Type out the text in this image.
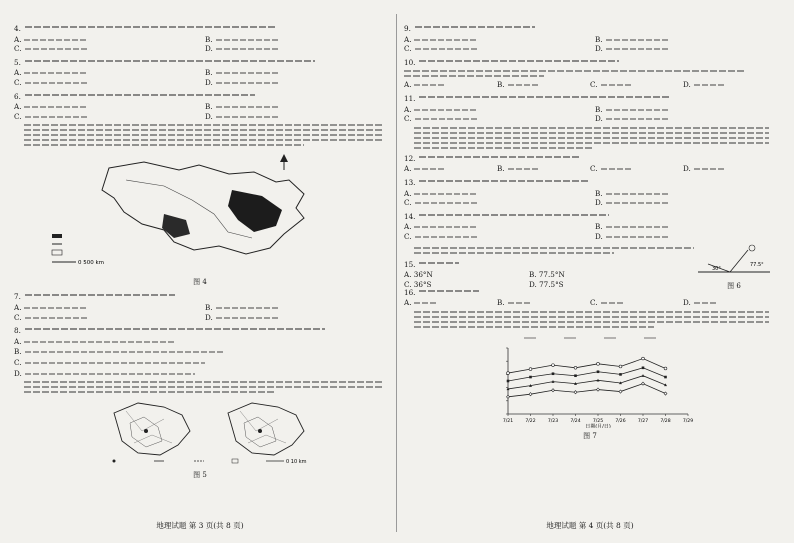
4.
A.	B.
C.	D.
5.
A.	B.
C.	D.
6.
A.	B.
C.	D.
0 500 km
图 4
7.
A.	B.
C.	D.
8.
A.
B.
C.
D.
0 10 km
图 5
9.
A.	B.
C.	D.
10.
A.	B.	C.	D.
11.
A.	B.
C.	D.
12.
A.	B.	C.	D.
13.
A.	B.
C.	D.
14.
A.	B.
C.	D.
15.
A. 36°N	B. 77.5°N
C. 36°S	D. 77.5°S
77.5°
30°
图 6
16.
A.	B.	C.	D.
7/21	7/22	7/23	7/24	7/25	7/26	7/27	7/28	7/29
日期(月/日)
图 7
地理试题 第 3 页(共 8 页)	地理试题 第 4 页(共 8 页)
